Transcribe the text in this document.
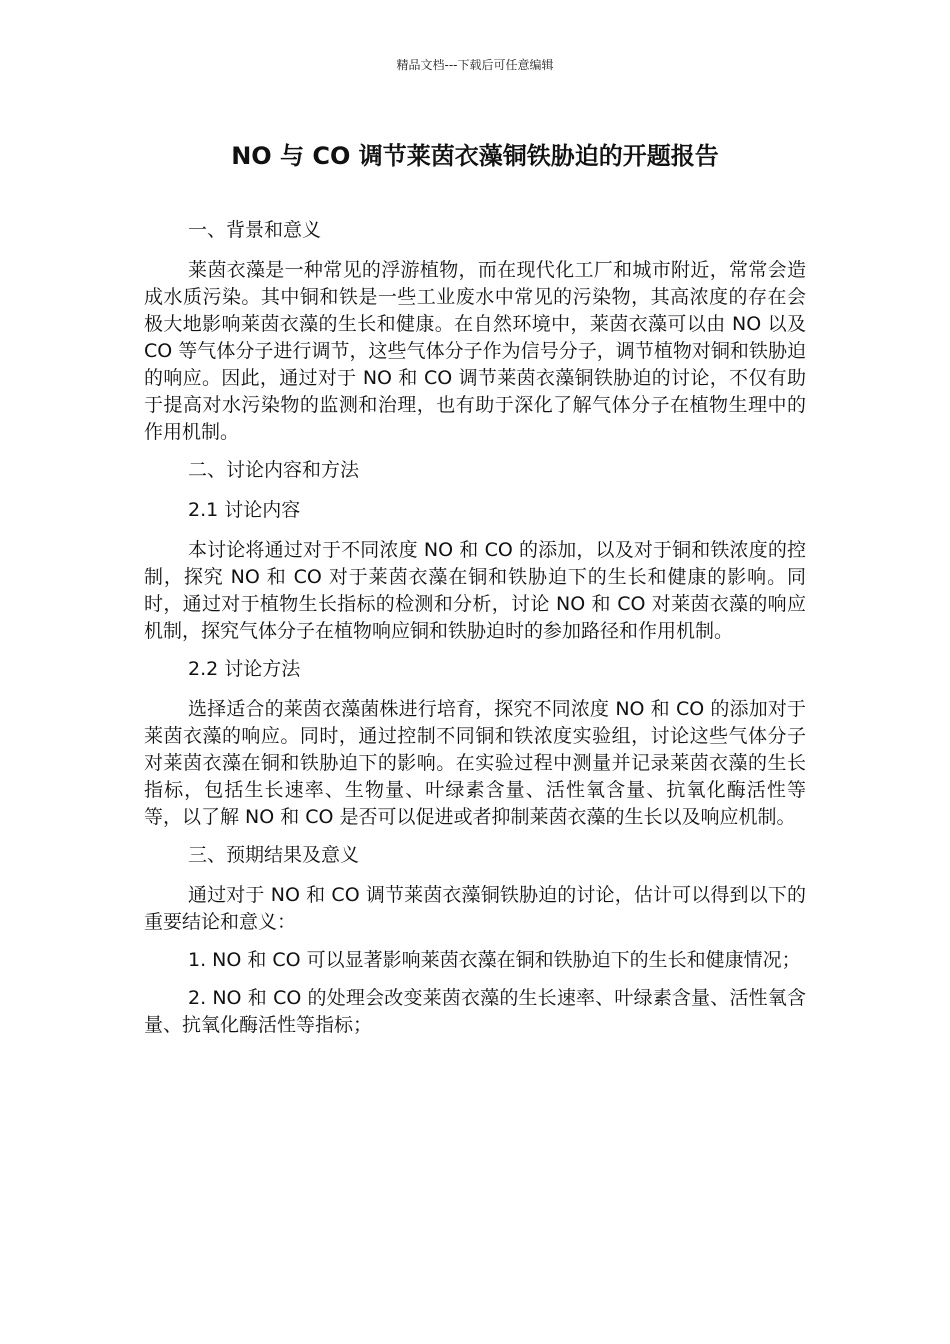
精品文档---下载后可任意编辑
NO 与 CO 调节莱茵衣藻铜铁胁迫的开题报告

一、背景和意义

莱茵衣藻是一种常见的浮游植物，而在现代化工厂和城市附近，常常会造成水质污染。其中铜和铁是一些工业废水中常见的污染物，其高浓度的存在会极大地影响莱茵衣藻的生长和健康。在自然环境中，莱茵衣藻可以由 NO 以及 CO 等气体分子进行调节，这些气体分子作为信号分子，调节植物对铜和铁胁迫的响应。因此，通过对于 NO 和 CO 调节莱茵衣藻铜铁胁迫的讨论，不仅有助于提高对水污染物的监测和治理，也有助于深化了解气体分子在植物生理中的作用机制。

二、讨论内容和方法

2.1 讨论内容

本讨论将通过对于不同浓度 NO 和 CO 的添加，以及对于铜和铁浓度的控制，探究 NO 和 CO 对于莱茵衣藻在铜和铁胁迫下的生长和健康的影响。同时，通过对于植物生长指标的检测和分析，讨论 NO 和 CO 对莱茵衣藻的响应机制，探究气体分子在植物响应铜和铁胁迫时的参加路径和作用机制。

2.2 讨论方法

选择适合的莱茵衣藻菌株进行培育，探究不同浓度 NO 和 CO 的添加对于莱茵衣藻的响应。同时，通过控制不同铜和铁浓度实验组，讨论这些气体分子对莱茵衣藻在铜和铁胁迫下的影响。在实验过程中测量并记录莱茵衣藻的生长指标，包括生长速率、生物量、叶绿素含量、活性氧含量、抗氧化酶活性等等，以了解 NO 和 CO 是否可以促进或者抑制莱茵衣藻的生长以及响应机制。

三、预期结果及意义

通过对于 NO 和 CO 调节莱茵衣藻铜铁胁迫的讨论，估计可以得到以下的重要结论和意义：

1. NO 和 CO 可以显著影响莱茵衣藻在铜和铁胁迫下的生长和健康情况；

2. NO 和 CO 的处理会改变莱茵衣藻的生长速率、叶绿素含量、活性氧含量、抗氧化酶活性等指标；
